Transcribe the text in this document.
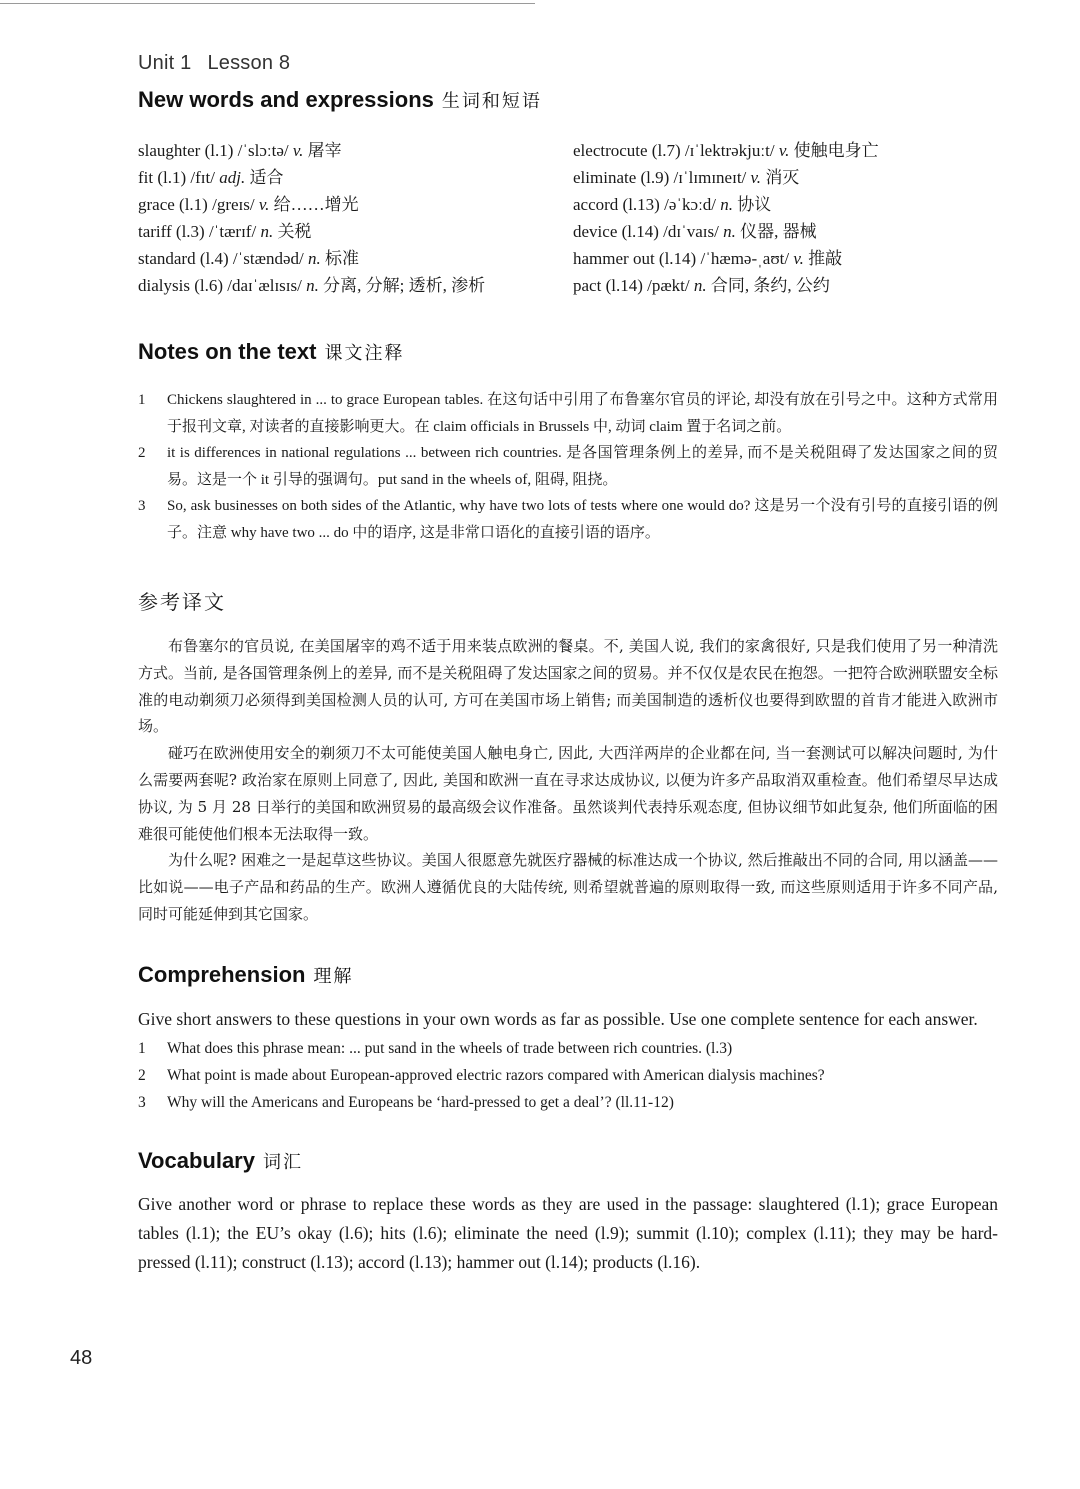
Unit 1 Lesson 8
New words and expressions 生词和短语
slaughter (l.1) /ˈslɔːtə/ v. 屠宰
fit (l.1) /fɪt/ adj. 适合
grace (l.1) /greɪs/ v. 给……增光
tariff (l.3) /ˈtærɪf/ n. 关税
standard (l.4) /ˈstændəd/ n. 标准
dialysis (l.6) /daɪˈælɪsɪs/ n. 分离, 分解; 透析, 渗析
electrocute (l.7) /ɪˈlektrəkjuːt/ v. 使触电身亡
eliminate (l.9) /ɪˈlɪmɪneɪt/ v. 消灭
accord (l.13) /əˈkɔːd/ n. 协议
device (l.14) /dɪˈvaɪs/ n. 仪器, 器械
hammer out (l.14) /ˈhæmə-ˌaʊt/ v. 推敲
pact (l.14) /pækt/ n. 合同, 条约, 公约
Notes on the text 课文注释
1	Chickens slaughtered in ... to grace European tables. 在这句话中引用了布鲁塞尔官员的评论, 却没有放在引号之中。这种方式常用于报刊文章, 对读者的直接影响更大。在 claim officials in Brussels 中, 动词 claim 置于名词之前。
2	it is differences in national regulations ... between rich countries. 是各国管理条例上的差异, 而不是关税阻碍了发达国家之间的贸易。这是一个 it 引导的强调句。put sand in the wheels of, 阻碍, 阻挠。
3	So, ask businesses on both sides of the Atlantic, why have two lots of tests where one would do? 这是另一个没有引号的直接引语的例子。注意 why have two ... do 中的语序, 这是非常口语化的直接引语的语序。
参考译文

布鲁塞尔的官员说, 在美国屠宰的鸡不适于用来装点欧洲的餐桌。不, 美国人说, 我们的家禽很好, 只是我们使用了另一种清洗方式。当前, 是各国管理条例上的差异, 而不是关税阻碍了发达国家之间的贸易。并不仅仅是农民在抱怨。一把符合欧洲联盟安全标准的电动剃须刀必须得到美国检测人员的认可, 方可在美国市场上销售; 而美国制造的透析仪也要得到欧盟的首肯才能进入欧洲市场。

碰巧在欧洲使用安全的剃须刀不太可能使美国人触电身亡, 因此, 大西洋两岸的企业都在问, 当一套测试可以解决问题时, 为什么需要两套呢? 政治家在原则上同意了, 因此, 美国和欧洲一直在寻求达成协议, 以便为许多产品取消双重检查。他们希望尽早达成协议, 为 5 月 28 日举行的美国和欧洲贸易的最高级会议作准备。虽然谈判代表持乐观态度, 但协议细节如此复杂, 他们所面临的困难很可能使他们根本无法取得一致。

为什么呢? 困难之一是起草这些协议。美国人很愿意先就医疗器械的标准达成一个协议, 然后推敲出不同的合同, 用以涵盖——比如说——电子产品和药品的生产。欧洲人遵循优良的大陆传统, 则希望就普遍的原则取得一致, 而这些原则适用于许多不同产品, 同时可能延伸到其它国家。

Comprehension 理解
Give short answers to these questions in your own words as far as possible. Use one complete sentence for each answer.
1	What does this phrase mean: ... put sand in the wheels of trade between rich countries. (l.3)
2	What point is made about European-approved electric razors compared with American dialysis machines?
3	Why will the Americans and Europeans be ‘hard-pressed to get a deal’? (ll.11-12)
Vocabulary 词汇
Give another word or phrase to replace these words as they are used in the passage: slaughtered (l.1); grace European tables (l.1); the EU’s okay (l.6); hits (l.6); eliminate the need (l.9); summit (l.10); complex (l.11); they may be hard-pressed (l.11); construct (l.13); accord (l.13); hammer out (l.14); products (l.16).
48
